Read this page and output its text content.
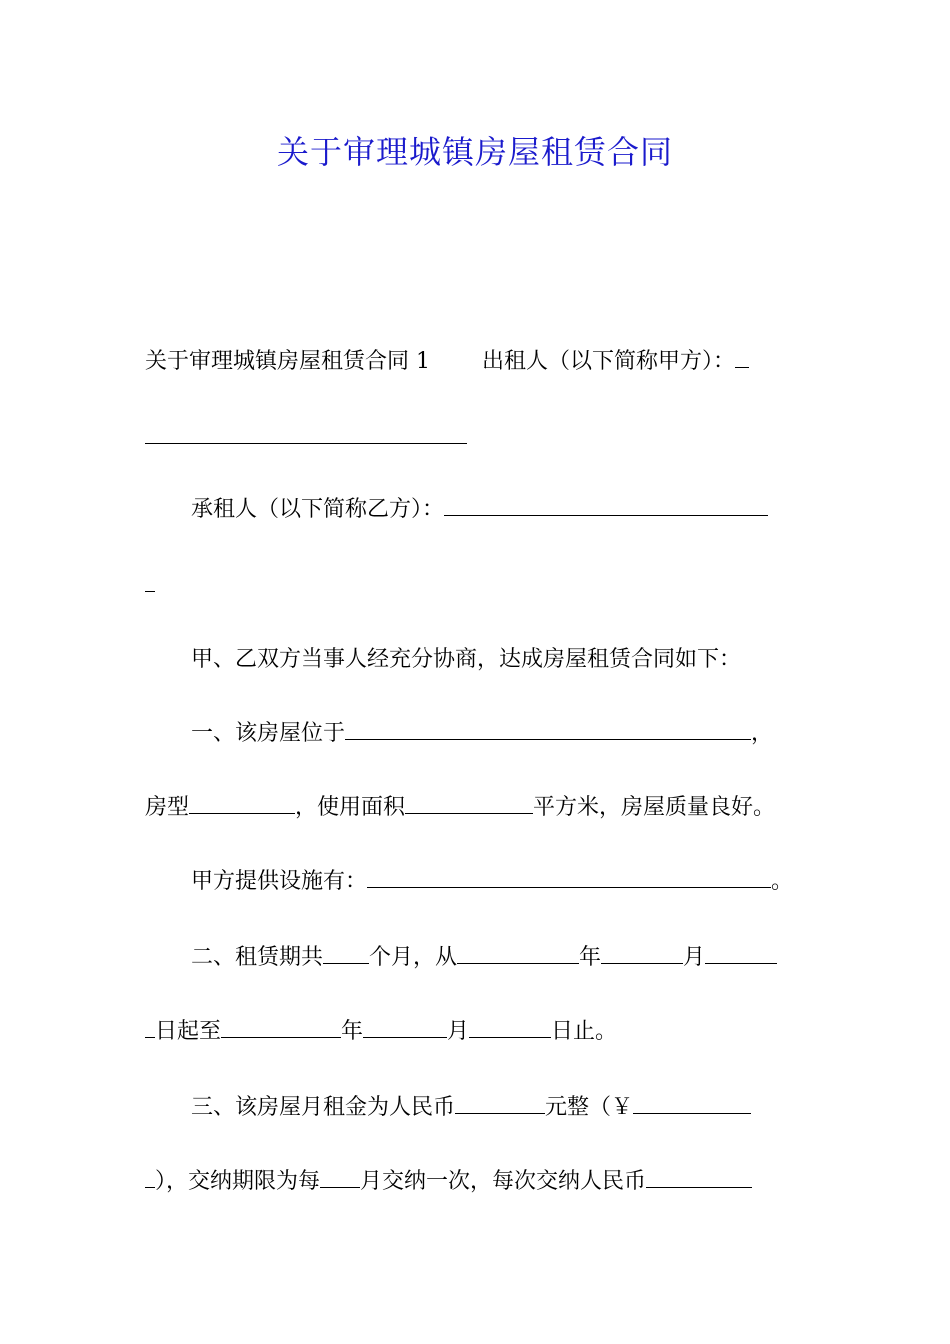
关于审理城镇房屋租赁合同
关于审理城镇房屋租赁合同 1 出租人（以下简称甲方）：
承租人（以下简称乙方）：
甲、乙双方当事人经充分协商，达成房屋租赁合同如下：
一、该房屋位于	，
房型	，使用面积	平方米，房屋质量良好。
甲方提供设施有：	。
二、租赁期共 个月，从	年	月
日起至	年	月	日止。
三、该房屋月租金为人民币	元整（￥
），交纳期限为每 月交纳一次，每次交纳人民币
